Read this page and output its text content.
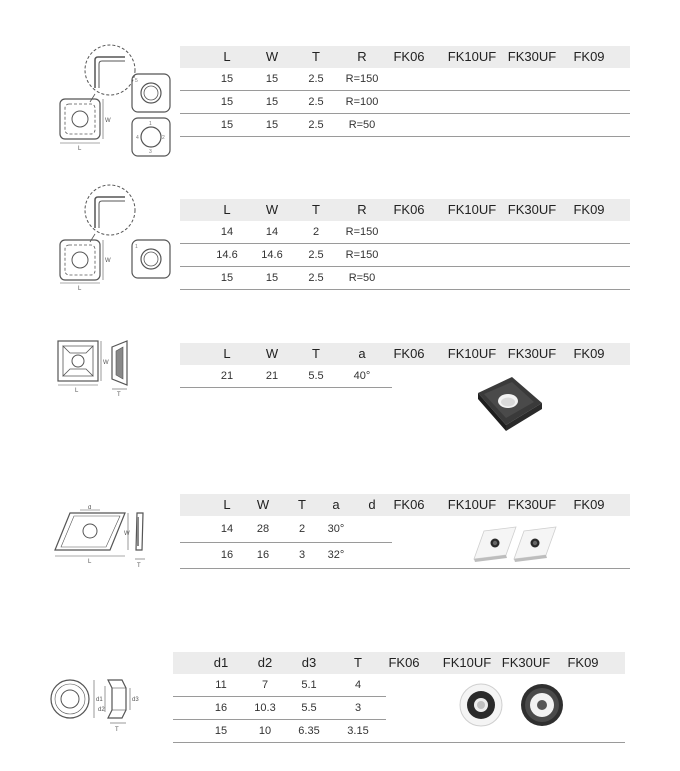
W
L
5
1
2
3
4
L	W	T	R	FK06	FK10UF FK30UF	FK09
15	15	2.5	R=150
15	15	2.5	R=100
15	15	2.5	R=50
W
L
1
L	W	T	R	FK06	FK10UF FK30UF	FK09
14	14	2	R=150
14.6	14.6	2.5	R=150
15	15	2.5	R=50
W
L
T
L	W	T	a	FK06	FK10UF FK30UF	FK09
21	21	5.5	40°
d
W
L
T
L	W	T	a	d	FK06	FK10UF FK30UF	FK09
14	28	2	30°
16	16	3	32°
d1
d2
d3
T
d1	d2	d3	T	FK06	FK10UF FK30UF	FK09
11	7	5.1	4
16	10.3	5.5	3
15	10	6.35	3.15
